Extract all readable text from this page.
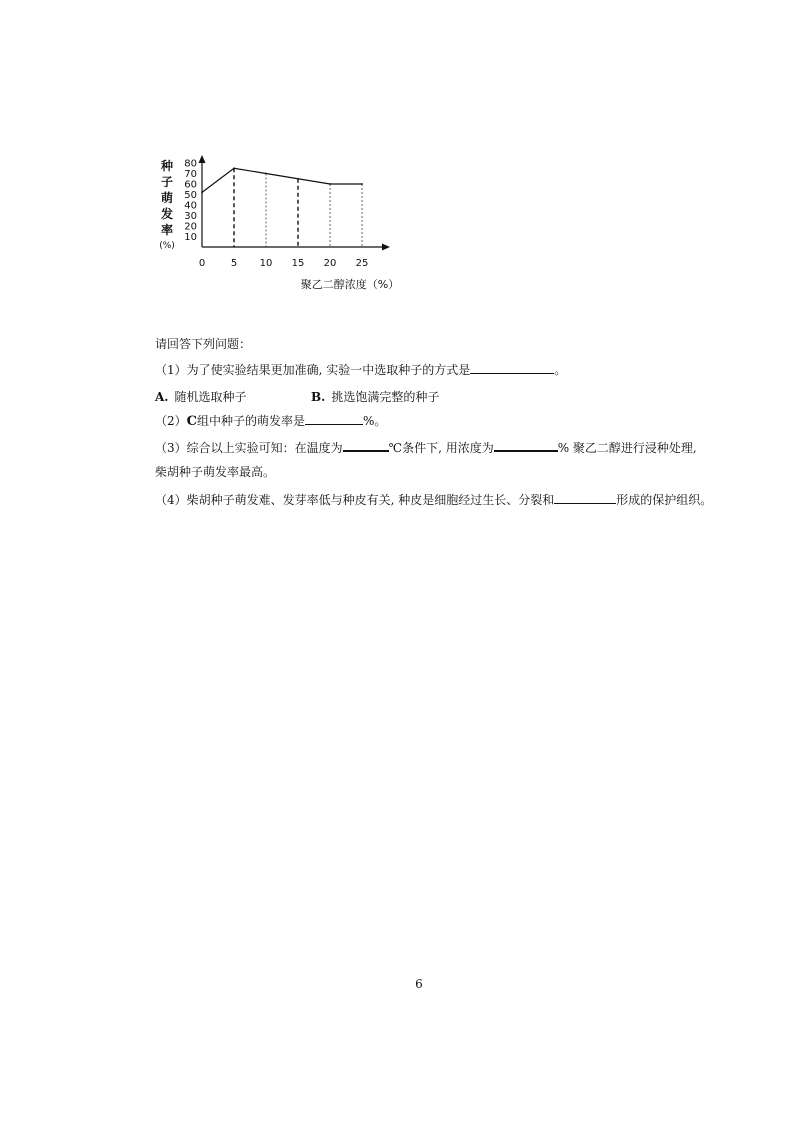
种
子
萌
发
率
(%)
10
20
30
40
50
60
70
80
0	5 10 15 20 25
聚乙二醇浓度（%）
请回答下列问题：
（1）为了使实验结果更加准确, 实验一中选取种子的方式是	。
A. 随机选取种子	B. 挑选饱满完整的种子
（2）C组中种子的萌发率是	%。
（3）综合以上实验可知：在温度为	℃条件下, 用浓度为	% 聚乙二醇进行浸种处理,
柴胡种子萌发率最高。
（4）柴胡种子萌发难、发芽率低与种皮有关, 种皮是细胞经过生长、分裂和	形成的保护组织。
6
